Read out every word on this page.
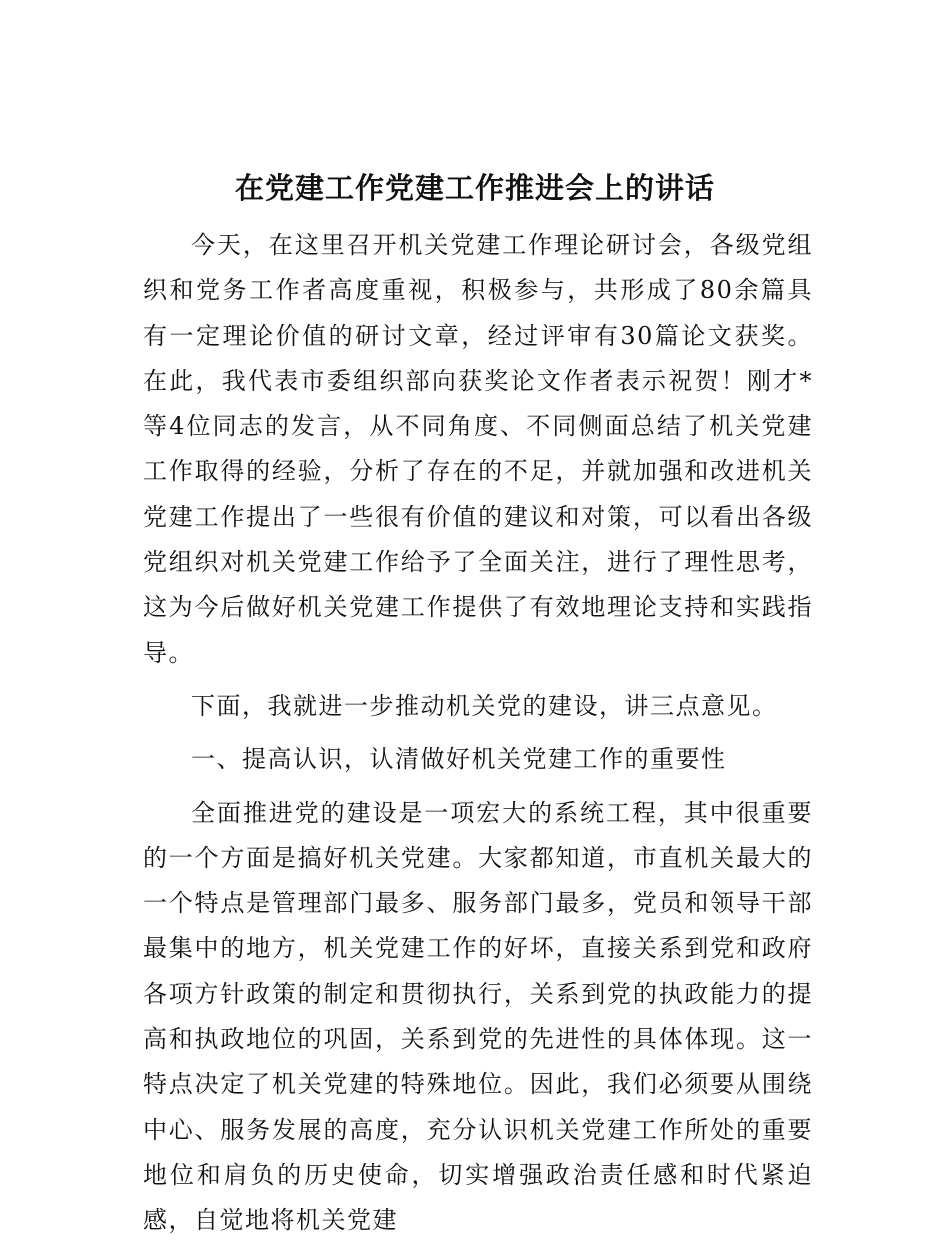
在党建工作党建工作推进会上的讲话

今天，在这里召开机关党建工作理论研讨会，各级党组织和党务工作者高度重视，积极参与，共形成了80余篇具有一定理论价值的研讨文章，经过评审有30篇论文获奖。在此，我代表市委组织部向获奖论文作者表示祝贺！刚才*等4位同志的发言，从不同角度、不同侧面总结了机关党建工作取得的经验，分析了存在的不足，并就加强和改进机关党建工作提出了一些很有价值的建议和对策，可以看出各级党组织对机关党建工作给予了全面关注，进行了理性思考，这为今后做好机关党建工作提供了有效地理论支持和实践指导。

下面，我就进一步推动机关党的建设，讲三点意见。

一、提高认识，认清做好机关党建工作的重要性

全面推进党的建设是一项宏大的系统工程，其中很重要的一个方面是搞好机关党建。大家都知道，市直机关最大的一个特点是管理部门最多、服务部门最多，党员和领导干部最集中的地方，机关党建工作的好坏，直接关系到党和政府各项方针政策的制定和贯彻执行，关系到党的执政能力的提高和执政地位的巩固，关系到党的先进性的具体体现。这一特点决定了机关党建的特殊地位。因此，我们必须要从围绕中心、服务发展的高度，充分认识机关党建工作所处的重要地位和肩负的历史使命，切实增强政治责任感和时代紧迫感，自觉地将机关党建
